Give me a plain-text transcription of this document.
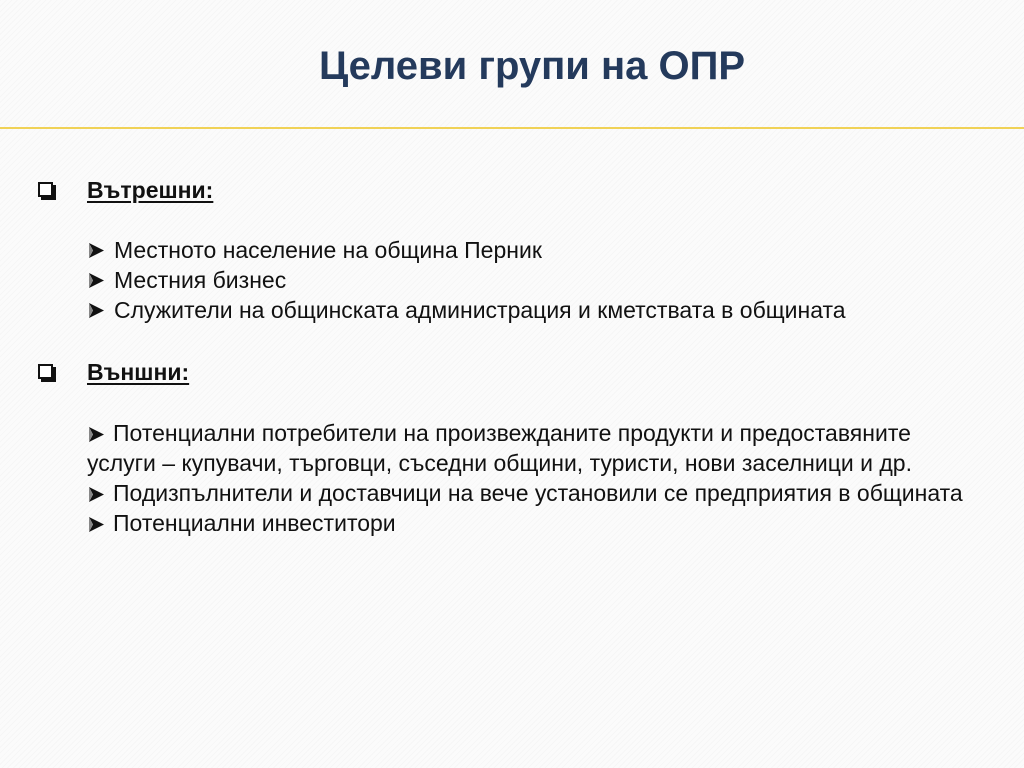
Целеви групи на ОПР
Вътрешни:
Местното население на община Перник
Местния бизнес
Служители на общинската администрация и кметствата в общината
Външни:
Потенциални потребители на произвежданите продукти и предоставяните услуги – купувачи, търговци, съседни общини, туристи, нови заселници и др.
Подизпълнители и доставчици на вече установили се предприятия в общината
Потенциални инвеститори
